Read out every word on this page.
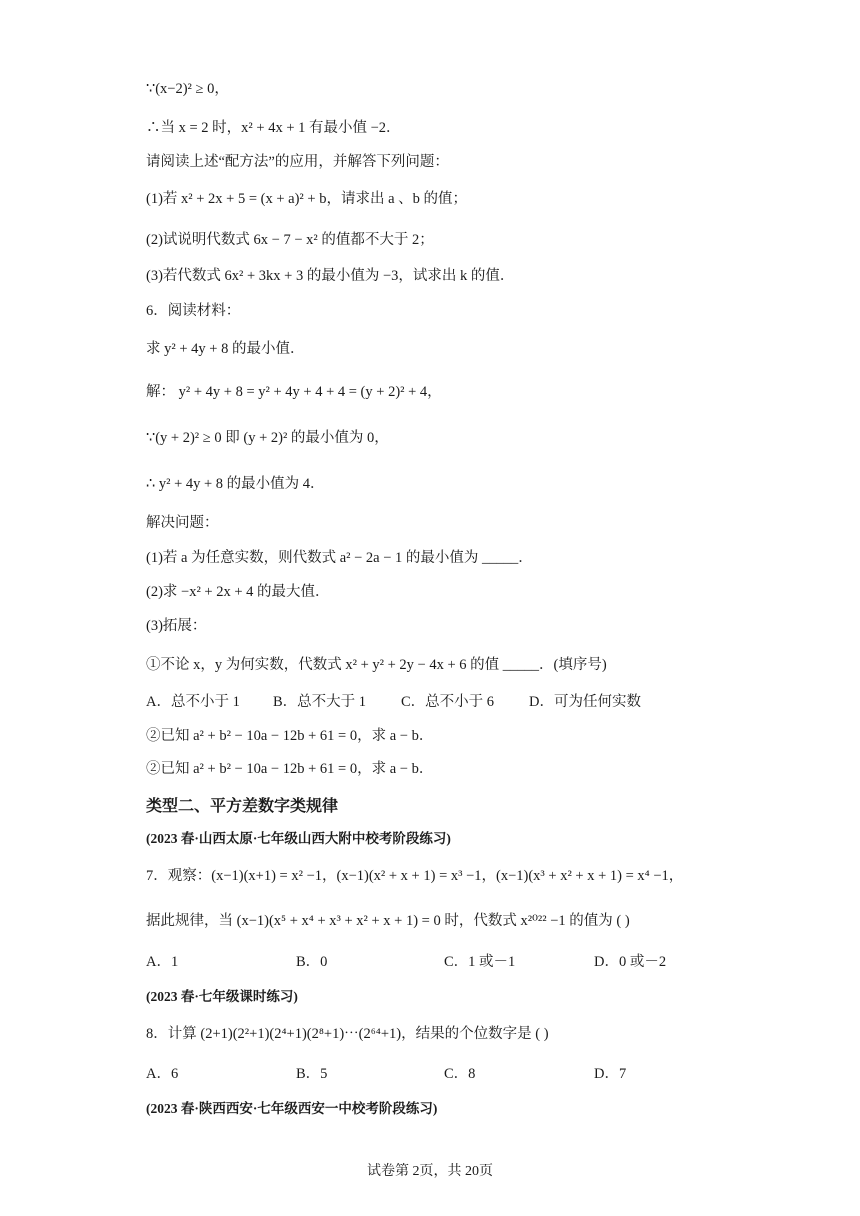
∵(x−2)² ≥ 0，
∴当 x = 2 时，x² + 4x + 1 有最小值 −2．
请阅读上述“配方法”的应用，并解答下列问题：
(1)若 x² + 2x + 5 = (x + a)² + b，请求出 a 、b 的值；
(2)试说明代数式 6x − 7 − x² 的值都不大于 2；
(3)若代数式 6x² + 3kx + 3 的最小值为 −3，试求出 k 的值．
6．阅读材料：
求 y² + 4y + 8 的最小值．
解： y² + 4y + 8 = y² + 4y + 4 + 4 = (y + 2)² + 4，
∵(y + 2)² ≥ 0 即 (y + 2)² 的最小值为 0，
∴ y² + 4y + 8 的最小值为 4．
解决问题：
(1)若 a 为任意实数，则代数式 a² − 2a − 1 的最小值为 _____．
(2)求 −x² + 2x + 4 的最大值．
(3)拓展：
①不论 x，y 为何实数，代数式 x² + y² + 2y − 4x + 6 的值 _____．(填序号)
A．总不小于 1 B．总不大于 1 C．总不小于 6 D．可为任何实数
②已知 a² + b² − 10a − 12b + 61 = 0，求 a − b．
②已知 a² + b² − 10a − 12b + 61 = 0，求 a − b．
类型二、平方差数字类规律
(2023 春·山西太原·七年级山西大附中校考阶段练习)
7．观察：(x−1)(x+1) = x² −1，(x−1)(x² + x + 1) = x³ −1，(x−1)(x³ + x² + x + 1) = x⁴ −1，
据此规律，当 (x−1)(x⁵ + x⁴ + x³ + x² + x + 1) = 0 时，代数式 x²⁰²² −1 的值为 ( )
A．1	B．0	C．1 或－1	D．0 或－2
(2023 春·七年级课时练习)
8．计算 (2+1)(2²+1)(2⁴+1)(2⁸+1)⋯(2⁶⁴+1)，结果的个位数字是 ( )
A．6	B．5	C．8	D．7
(2023 春·陕西西安·七年级西安一中校考阶段练习)
试卷第 2页，共 20页
